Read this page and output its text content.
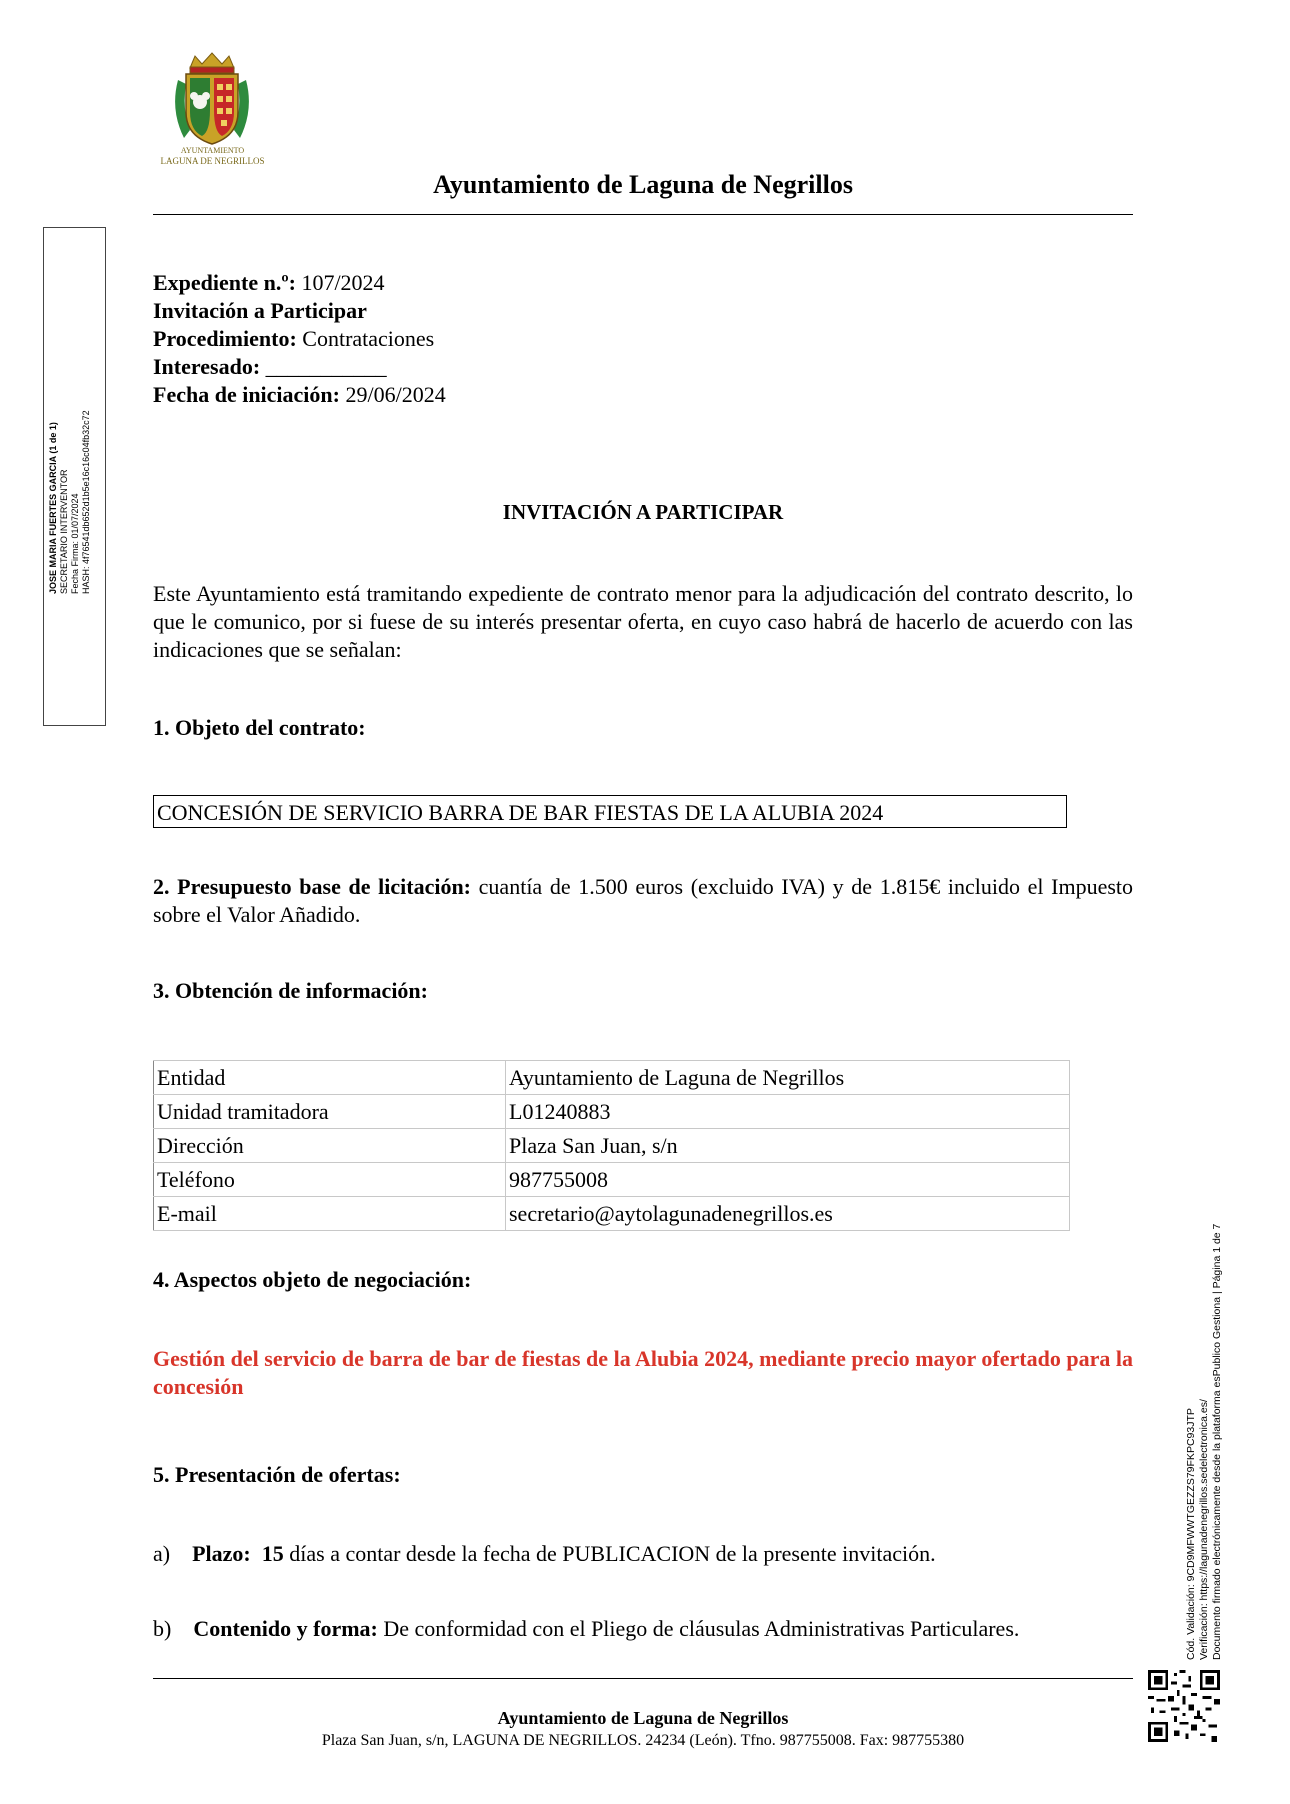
AYUNTAMIENTO
LAGUNA DE NEGRILLOS
Ayuntamiento de Laguna de Negrillos
JOSE MARIA FUERTES GARCIA (1 de 1) SECRETARIO INTERVENTOR Fecha Firma: 01/07/2024 HASH: 4f76541db652d1b5e16c16c04fb32c72
Expediente n.º: 107/2024
Invitación a Participar
Procedimiento: Contrataciones
Interesado: ___________
Fecha de iniciación: 29/06/2024
INVITACIÓN A PARTICIPAR
Este Ayuntamiento está tramitando expediente de contrato menor para la adjudicación del contrato descrito, lo que le comunico, por si fuese de su interés presentar oferta, en cuyo caso habrá de hacerlo de acuerdo con las indicaciones que se señalan:
1. Objeto del contrato:
CONCESIÓN DE SERVICIO BARRA DE BAR FIESTAS DE LA ALUBIA 2024
2. Presupuesto base de licitación: cuantía de 1.500 euros (excluido IVA) y de 1.815€ incluido el Impuesto sobre el Valor Añadido.
3. Obtención de información:
Entidad	Ayuntamiento de Laguna de Negrillos
Unidad tramitadora	L01240883
Dirección	Plaza San Juan, s/n
Teléfono	987755008
E-mail	secretario@aytolagunadenegrillos.es
4. Aspectos objeto de negociación:
Gestión del servicio de barra de bar de fiestas de la Alubia 2024, mediante precio mayor ofertado para la concesión
5. Presentación de ofertas:
a) Plazo: 15 días a contar desde la fecha de PUBLICACION de la presente invitación.
b) Contenido y forma: De conformidad con el Pliego de cláusulas Administrativas Particulares.
Ayuntamiento de Laguna de Negrillos
Plaza San Juan, s/n, LAGUNA DE NEGRILLOS. 24234 (León). Tfno. 987755008. Fax: 987755380
Cód. Validación: 9CD9MFWWTGEZZS79FKPC93JTP Verificación: https://lagunadenegrillos.sedelectronica.es/ Documento firmado electrónicamente desde la plataforma esPublico Gestiona | Página 1 de 7
